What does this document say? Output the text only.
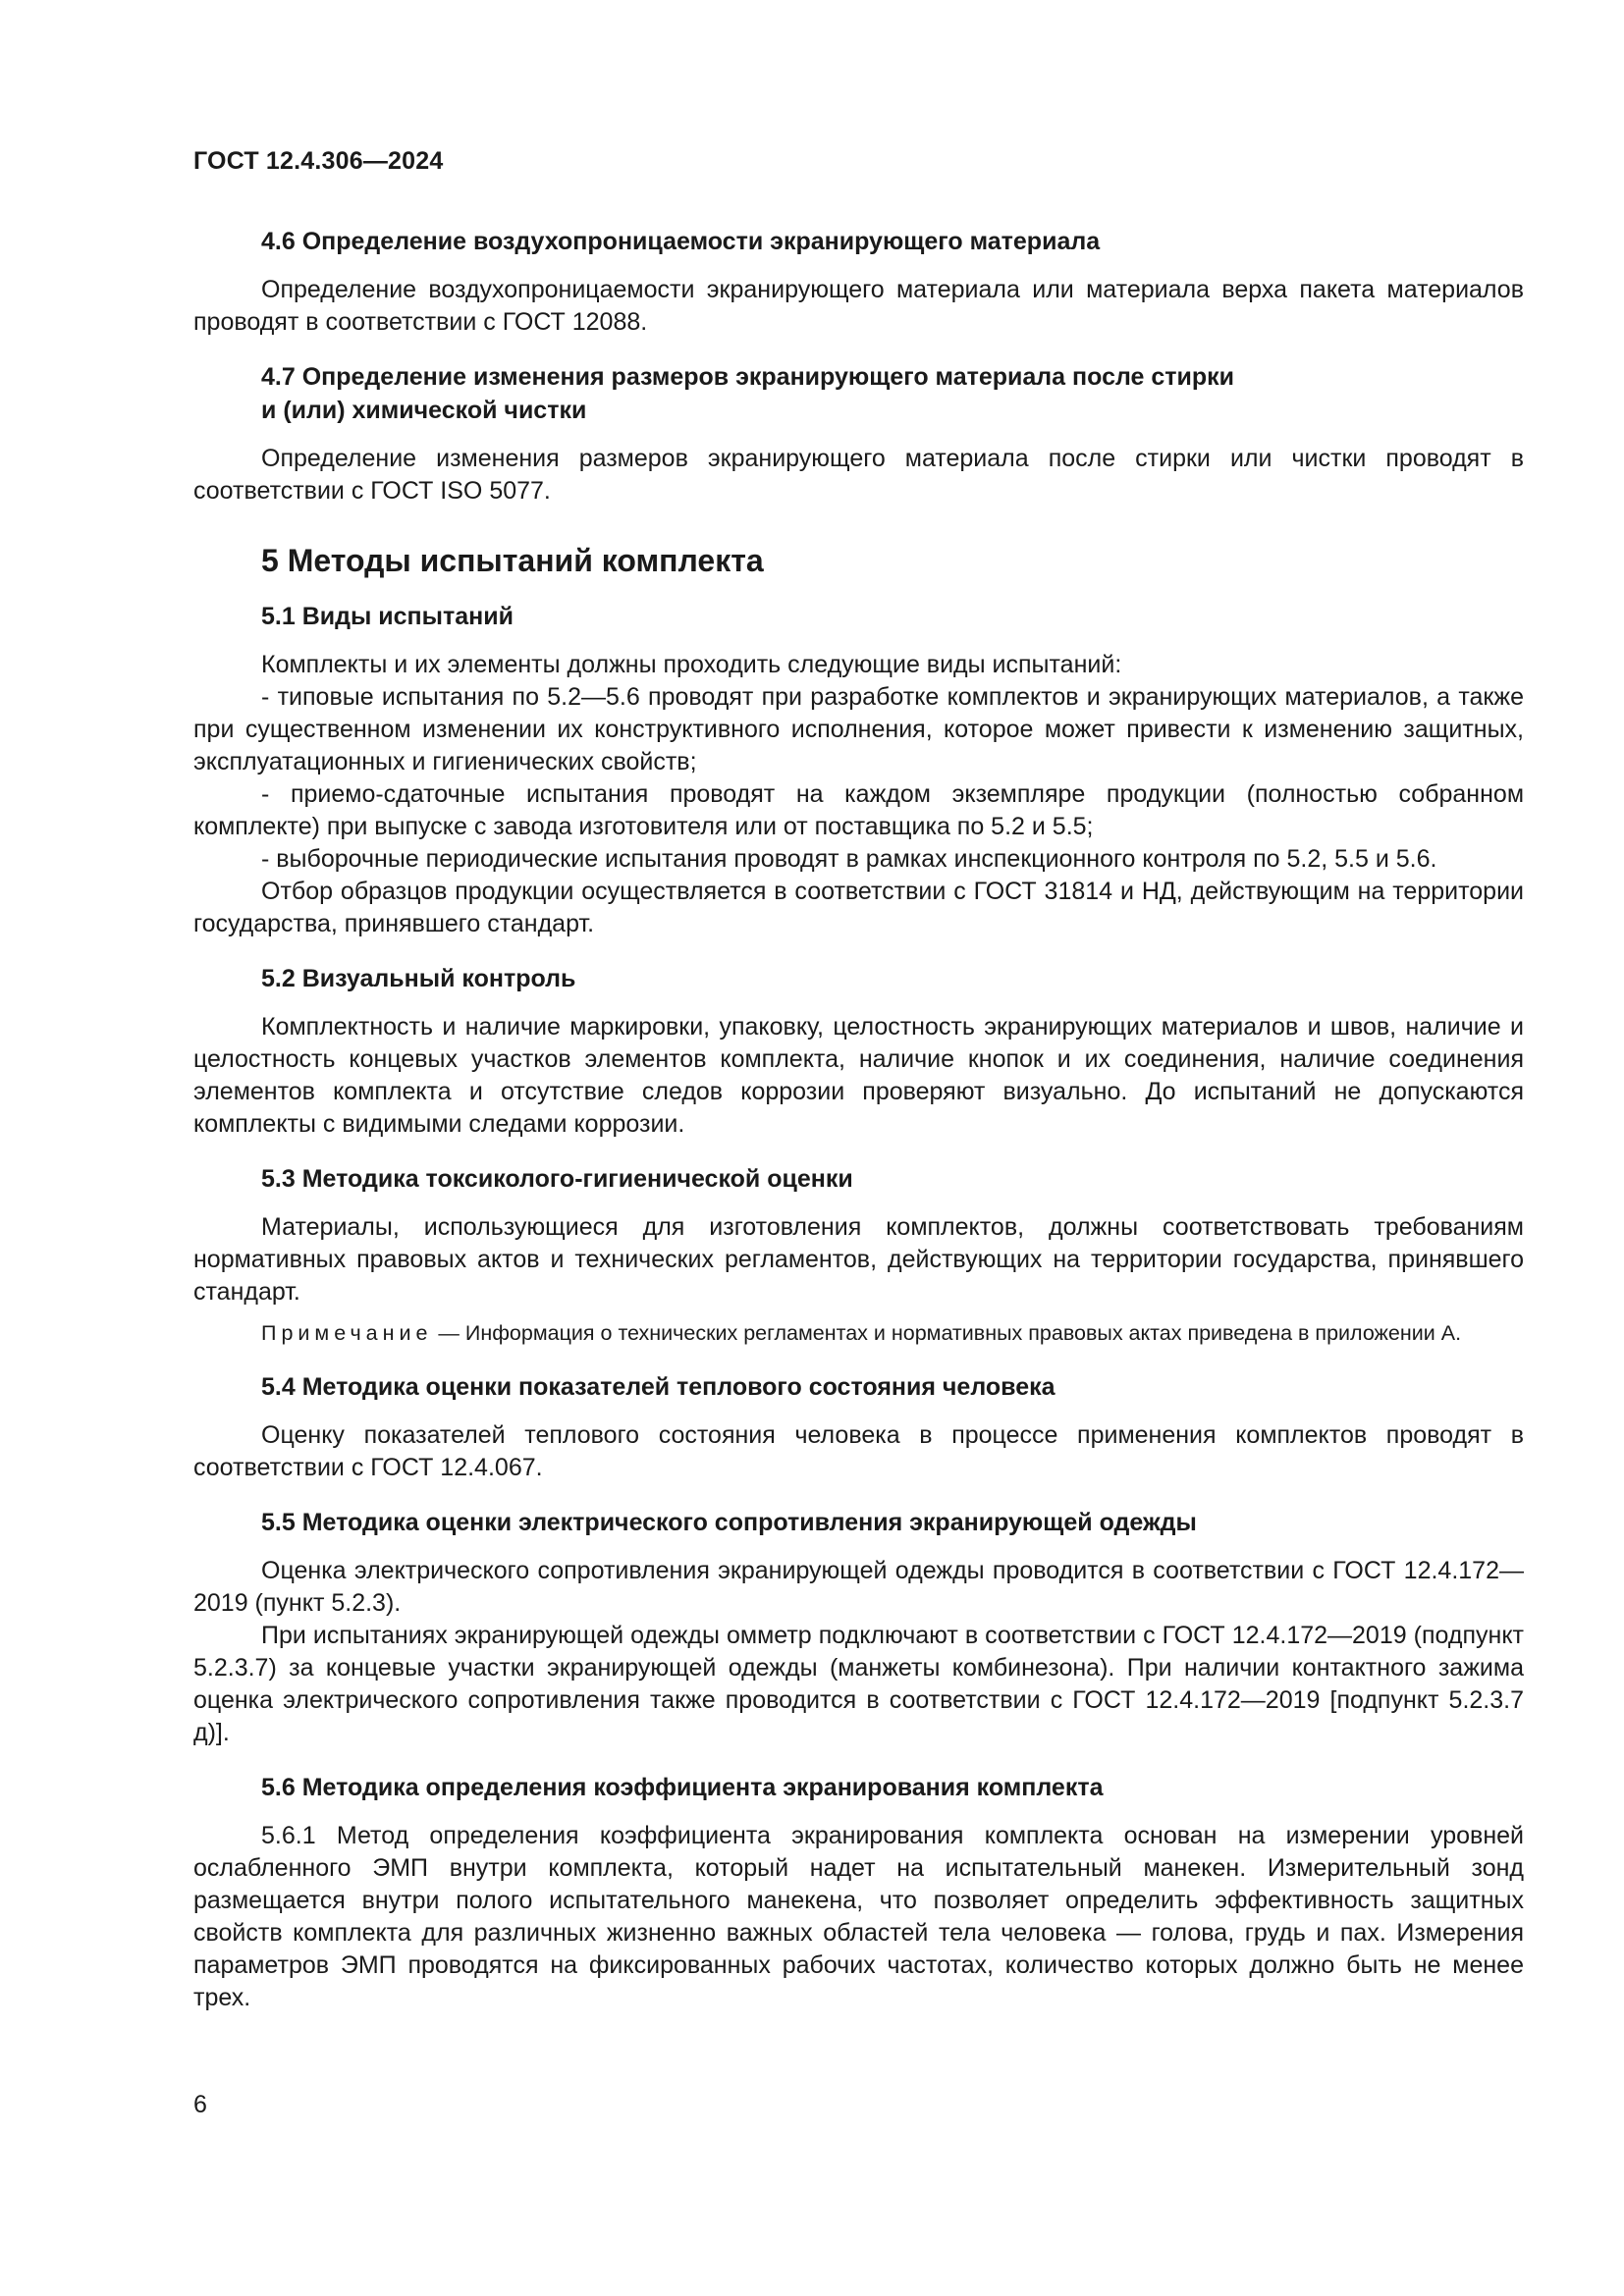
ГОСТ 12.4.306—2024
4.6 Определение воздухопроницаемости экранирующего материала

Определение воздухопроницаемости экранирующего материала или материала верха пакета материалов проводят в соответствии с ГОСТ 12088.

4.7 Определение изменения размеров экранирующего материала после стирки
и (или) химической чистки

Определение изменения размеров экранирующего материала после стирки или чистки проводят в соответствии с ГОСТ ISO 5077.

5 Методы испытаний комплекта
5.1 Виды испытаний

Комплекты и их элементы должны проходить следующие виды испытаний:

- типовые испытания по 5.2—5.6 проводят при разработке комплектов и экранирующих материалов, а также при существенном изменении их конструктивного исполнения, которое может привести к изменению защитных, эксплуатационных и гигиенических свойств;

- приемо-сдаточные испытания проводят на каждом экземпляре продукции (полностью собранном комплекте) при выпуске с завода изготовителя или от поставщика по 5.2 и 5.5;

- выборочные периодические испытания проводят в рамках инспекционного контроля по 5.2, 5.5 и 5.6.

Отбор образцов продукции осуществляется в соответствии с ГОСТ 31814 и НД, действующим на территории государства, принявшего стандарт.

5.2 Визуальный контроль

Комплектность и наличие маркировки, упаковку, целостность экранирующих материалов и швов, наличие и целостность концевых участков элементов комплекта, наличие кнопок и их соединения, наличие соединения элементов комплекта и отсутствие следов коррозии проверяют визуально. До испытаний не допускаются комплекты с видимыми следами коррозии.

5.3 Методика токсиколого-гигиенической оценки

Материалы, использующиеся для изготовления комплектов, должны соответствовать требованиям нормативных правовых актов и технических регламентов, действующих на территории государства, принявшего стандарт.

Примечание — Информация о технических регламентах и нормативных правовых актах приведена в приложении А.

5.4 Методика оценки показателей теплового состояния человека

Оценку показателей теплового состояния человека в процессе применения комплектов проводят в соответствии с ГОСТ 12.4.067.

5.5 Методика оценки электрического сопротивления экранирующей одежды

Оценка электрического сопротивления экранирующей одежды проводится в соответствии с ГОСТ 12.4.172—2019 (пункт 5.2.3).

При испытаниях экранирующей одежды омметр подключают в соответствии с ГОСТ 12.4.172—2019 (подпункт 5.2.3.7) за концевые участки экранирующей одежды (манжеты комбинезона). При наличии контактного зажима оценка электрического сопротивления также проводится в соответствии с ГОСТ 12.4.172—2019 [подпункт 5.2.3.7 д)].

5.6 Методика определения коэффициента экранирования комплекта

5.6.1 Метод определения коэффициента экранирования комплекта основан на измерении уровней ослабленного ЭМП внутри комплекта, который надет на испытательный манекен. Измерительный зонд размещается внутри полого испытательного манекена, что позволяет определить эффективность защитных свойств комплекта для различных жизненно важных областей тела человека — голова, грудь и пах. Измерения параметров ЭМП проводятся на фиксированных рабочих частотах, количество которых должно быть не менее трех.

6
